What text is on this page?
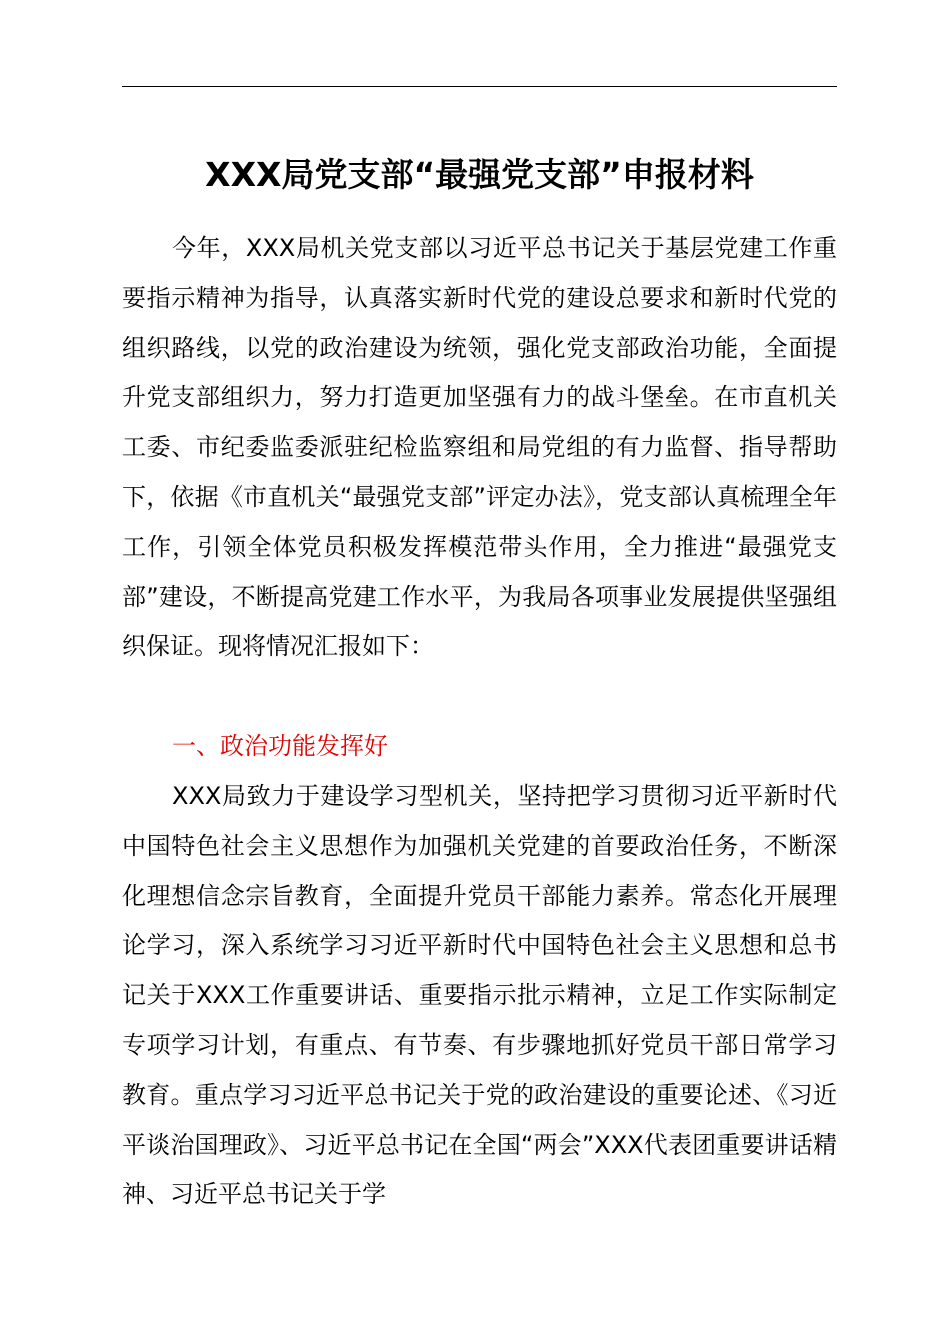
XXX局党支部“最强党支部”申报材料

今年，XXX局机关党支部以习近平总书记关于基层党建工作重要指示精神为指导，认真落实新时代党的建设总要求和新时代党的组织路线，以党的政治建设为统领，强化党支部政治功能，全面提升党支部组织力，努力打造更加坚强有力的战斗堡垒。在市直机关工委、市纪委监委派驻纪检监察组和局党组的有力监督、指导帮助下，依据《市直机关“最强党支部”评定办法》，党支部认真梳理全年工作，引领全体党员积极发挥模范带头作用，全力推进“最强党支部”建设，不断提高党建工作水平，为我局各项事业发展提供坚强组织保证。现将情况汇报如下：

一、政治功能发挥好

XXX局致力于建设学习型机关，坚持把学习贯彻习近平新时代中国特色社会主义思想作为加强机关党建的首要政治任务，不断深化理想信念宗旨教育，全面提升党员干部能力素养。常态化开展理论学习，深入系统学习习近平新时代中国特色社会主义思想和总书记关于XXX工作重要讲话、重要指示批示精神，立足工作实际制定专项学习计划，有重点、有节奏、有步骤地抓好党员干部日常学习教育。重点学习习近平总书记关于党的政治建设的重要论述、《习近平谈治国理政》、习近平总书记在全国“两会”XXX代表团重要讲话精神、习近平总书记关于学
